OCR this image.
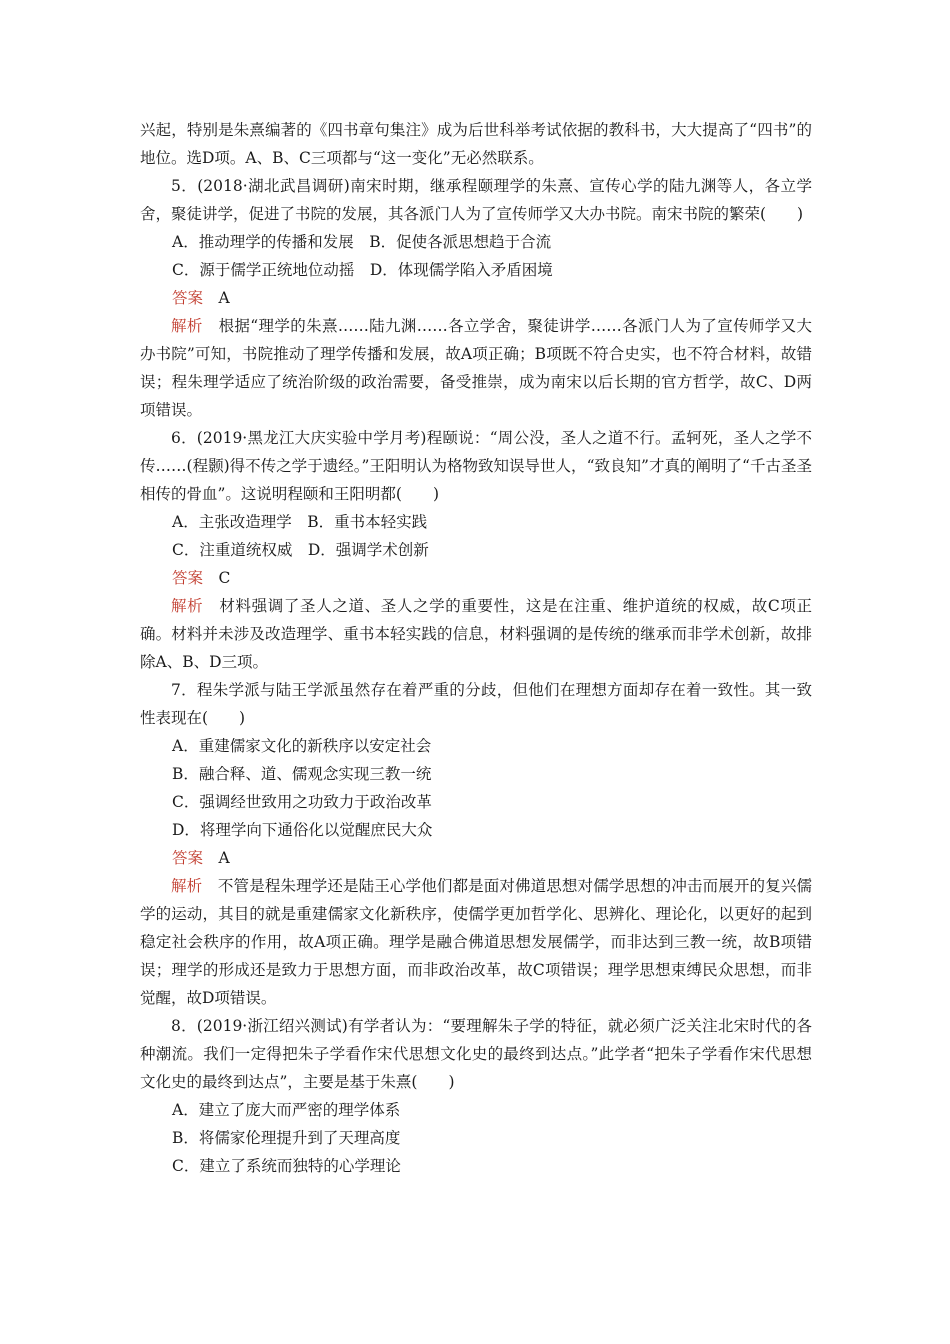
兴起，特别是朱熹编著的《四书章句集注》成为后世科举考试依据的教科书，大大提高了“四书”的地位。选D项。A、B、C三项都与“这一变化”无必然联系。

5．(2018·湖北武昌调研)南宋时期，继承程颐理学的朱熹、宣传心学的陆九渊等人，各立学舍，聚徒讲学，促进了书院的发展，其各派门人为了宣传师学又大办书院。南宋书院的繁荣(　　)

A．推动理学的传播和发展　B．促使各派思想趋于合流

C．源于儒学正统地位动摇　D．体现儒学陷入矛盾困境

答案　 A

解析　 根据“理学的朱熹……陆九渊……各立学舍，聚徒讲学……各派门人为了宣传师学又大办书院”可知，书院推动了理学传播和发展，故A项正确；B项既不符合史实，也不符合材料，故错误；程朱理学适应了统治阶级的政治需要，备受推崇，成为南宋以后长期的官方哲学，故C、D两项错误。

6．(2019·黑龙江大庆实验中学月考)程颐说：“周公没，圣人之道不行。孟轲死，圣人之学不传……(程颢)得不传之学于遗经。”王阳明认为格物致知误导世人，“致良知”才真的阐明了“千古圣圣相传的骨血”。这说明程颐和王阳明都(　　)

A．主张改造理学　B．重书本轻实践

C．注重道统权威　D．强调学术创新

答案　 C

解析　 材料强调了圣人之道、圣人之学的重要性，这是在注重、维护道统的权威，故C项正确。材料并未涉及改造理学、重书本轻实践的信息，材料强调的是传统的继承而非学术创新，故排除A、B、D三项。

7．程朱学派与陆王学派虽然存在着严重的分歧，但他们在理想方面却存在着一致性。其一致性表现在(　　)

A．重建儒家文化的新秩序以安定社会

B．融合释、道、儒观念实现三教一统

C．强调经世致用之功致力于政治改革

D．将理学向下通俗化以觉醒庶民大众

答案　 A

解析　 不管是程朱理学还是陆王心学他们都是面对佛道思想对儒学思想的冲击而展开的复兴儒学的运动，其目的就是重建儒家文化新秩序，使儒学更加哲学化、思辨化、理论化，以更好的起到稳定社会秩序的作用，故A项正确。理学是融合佛道思想发展儒学，而非达到三教一统，故B项错误；理学的形成还是致力于思想方面，而非政治改革，故C项错误；理学思想束缚民众思想，而非觉醒，故D项错误。

8．(2019·浙江绍兴测试)有学者认为：“要理解朱子学的特征，就必须广泛关注北宋时代的各种潮流。我们一定得把朱子学看作宋代思想文化史的最终到达点。”此学者“把朱子学看作宋代思想文化史的最终到达点”，主要是基于朱熹(　　)

A．建立了庞大而严密的理学体系

B．将儒家伦理提升到了天理高度

C．建立了系统而独特的心学理论
